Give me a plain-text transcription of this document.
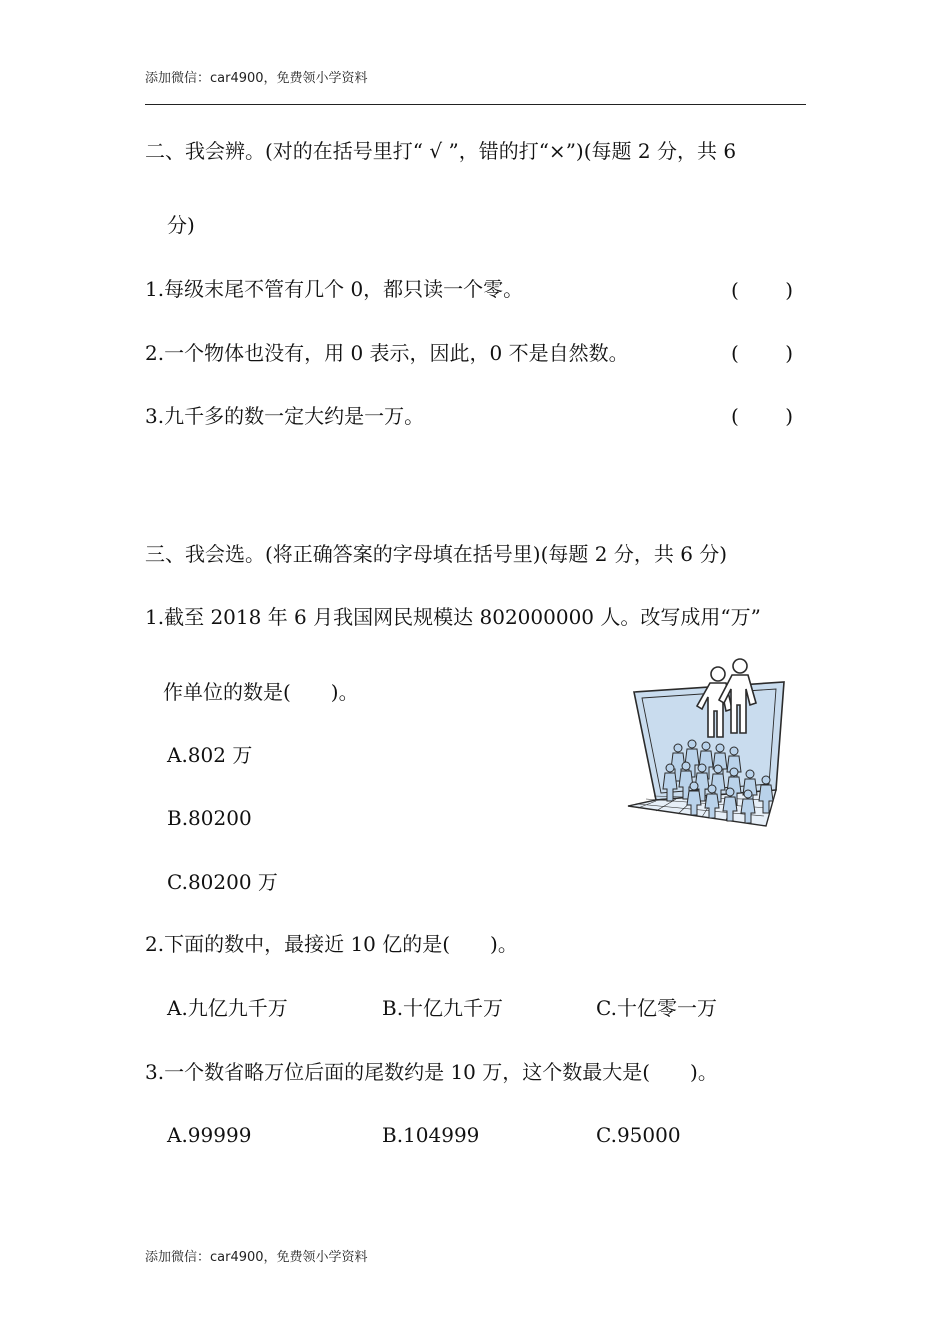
添加微信：car4900，免费领小学资料
二、我会辨。(对的在括号里打“ √ ”，错的打“×”)(每题 2 分，共 6
分)
1.每级末尾不管有几个 0，都只读一个零。	( )
2.一个物体也没有，用 0 表示，因此，0 不是自然数。	( )
3.九千多的数一定大约是一万。	( )
三、我会选。(将正确答案的字母填在括号里)(每题 2 分，共 6 分)
1.截至 2018 年 6 月我国网民规模达 802000000 人。改写成用“万”
作单位的数是(　　)。
A.802 万
B.80200
C.80200 万
2.下面的数中，最接近 10 亿的是(　　)。
A.九亿九千万	B.十亿九千万	C.十亿零一万
3.一个数省略万位后面的尾数约是 10 万，这个数最大是(　　)。
A.99999	B.104999	C.95000
添加微信：car4900，免费领小学资料
